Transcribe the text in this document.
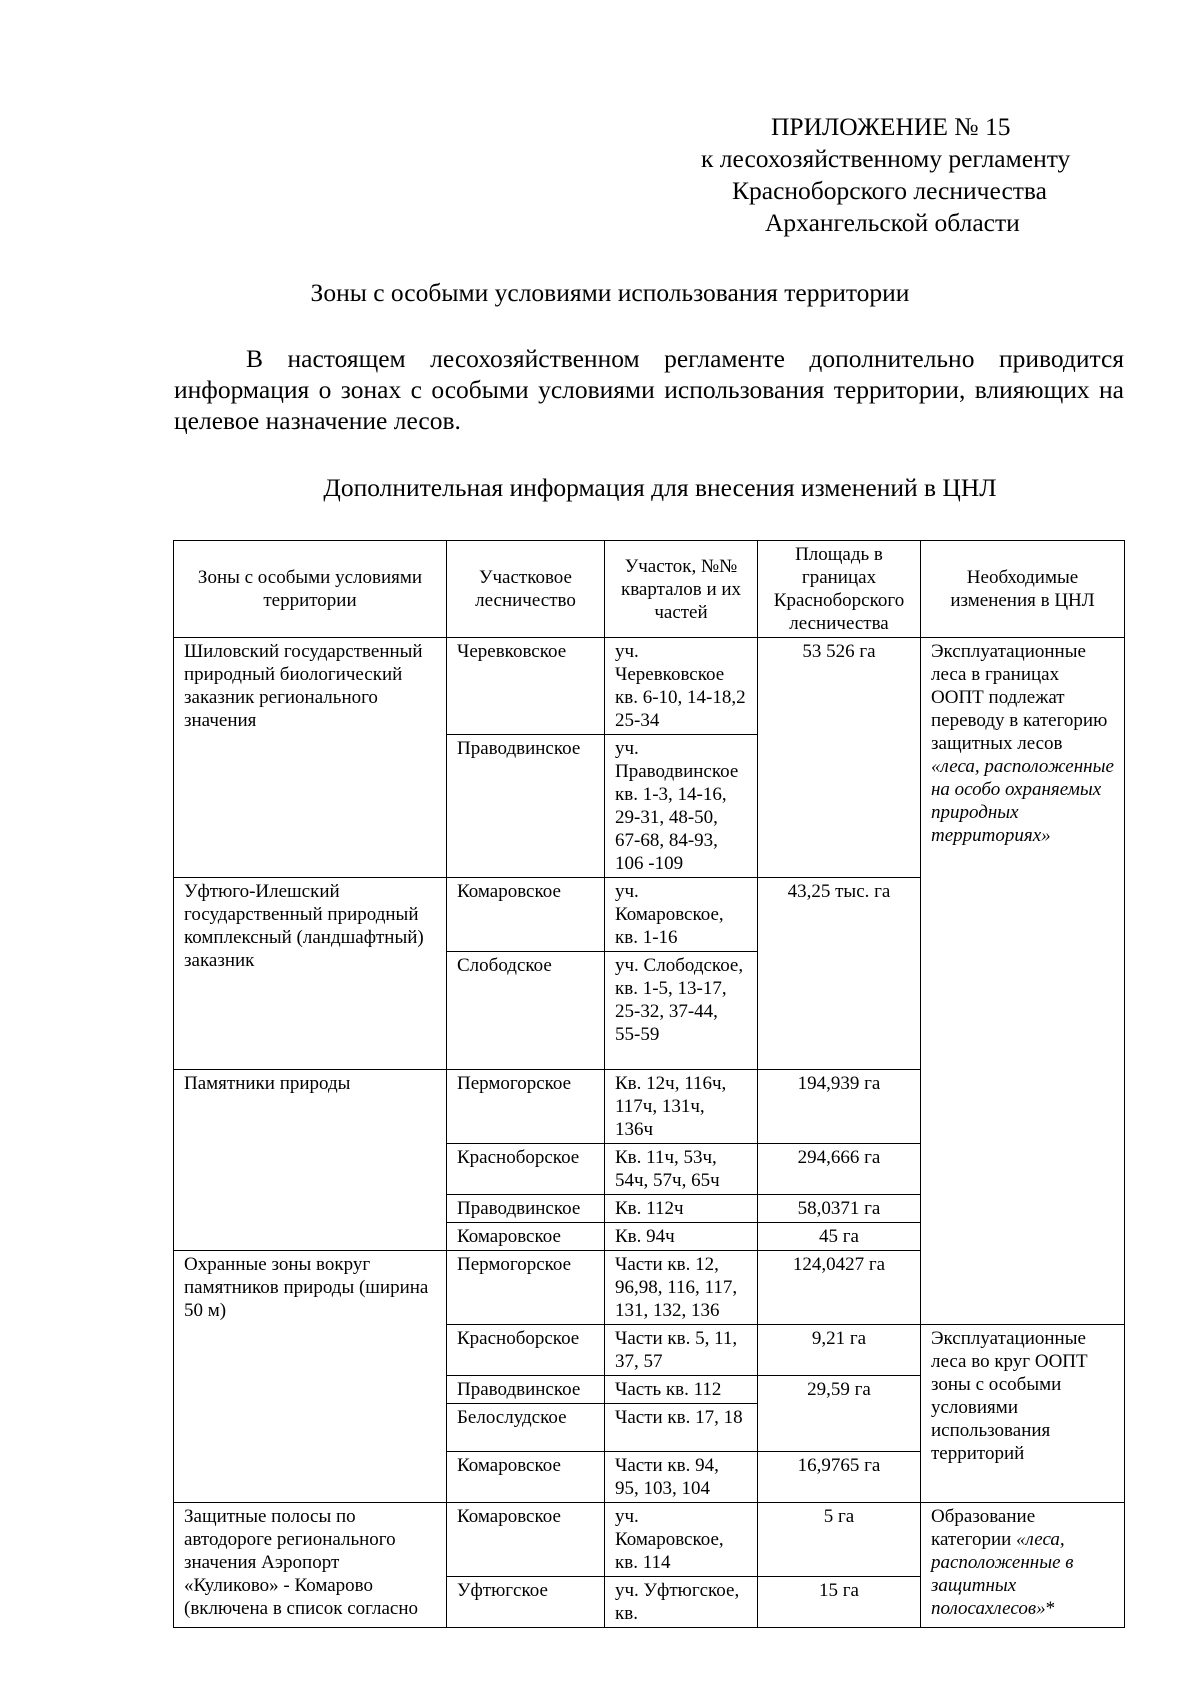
ПРИЛОЖЕНИЕ № 15
к лесохозяйственному регламенту
Красноборского лесничества
Архангельской области
Зоны с особыми условиями использования территории
В настоящем лесохозяйственном регламенте дополнительно приводится информация о зонах с особыми условиями использования территории, влияющих на целевое назначение лесов.
Дополнительная информация для внесения изменений в ЦНЛ
Зоны с особыми условиями территории	Участковое лесничество	Участок, №№ кварталов и их частей	Площадь в границах Красноборского лесничества	Необходимые изменения в ЦНЛ
Шиловский государственный природный биологический заказник регионального значения	Черевковское	уч. Черевковское кв. 6-10, 14-18,2 25-34	53 526 га	Эксплуатационные леса в границах ООПТ подлежат переводу в категорию защитных лесов «леса, расположенные на особо охраняемых природных территориях»
	Праводвинское	уч. Праводвинское кв. 1-3, 14-16, 29-31, 48-50, 67-68, 84-93, 106 -109		
Уфтюго-Илешский государственный природный комплексный (ландшафтный) заказник	Комаровское	уч. Комаровское, кв. 1-16	43,25 тыс. га	
	Слободское	уч. Слободское, кв. 1-5, 13-17, 25-32, 37-44, 55-59		
Памятники природы	Пермогорское	Кв. 12ч, 116ч, 117ч, 131ч, 136ч	194,939 га	
	Красноборское	Кв. 11ч, 53ч, 54ч, 57ч, 65ч	294,666 га	
	Праводвинское	Кв. 112ч	58,0371 га	
	Комаровское	Кв. 94ч	45 га	
Охранные зоны вокруг памятников природы (ширина 50 м)	Пермогорское	Части кв. 12, 96,98, 116, 117, 131, 132, 136	124,0427 га	
	Красноборское	Части кв. 5, 11, 37, 57	9,21 га	Эксплуатационные леса во круг ООПТ зоны с особыми условиями использования территорий
	Праводвинское	Часть кв. 112	29,59 га	
	Белослудское	Части кв. 17, 18		
	Комаровское	Части кв. 94, 95, 103, 104	16,9765 га	
Защитные полосы по автодороге регионального значения Аэропорт «Куликово» - Комарово (включена в список согласно	Комаровское	уч. Комаровское, кв. 114	5 га	Образование категории «леса, расположенные в защитных полосахлесов»*
	Уфтюгское	уч. Уфтюгское, кв.	15 га	
